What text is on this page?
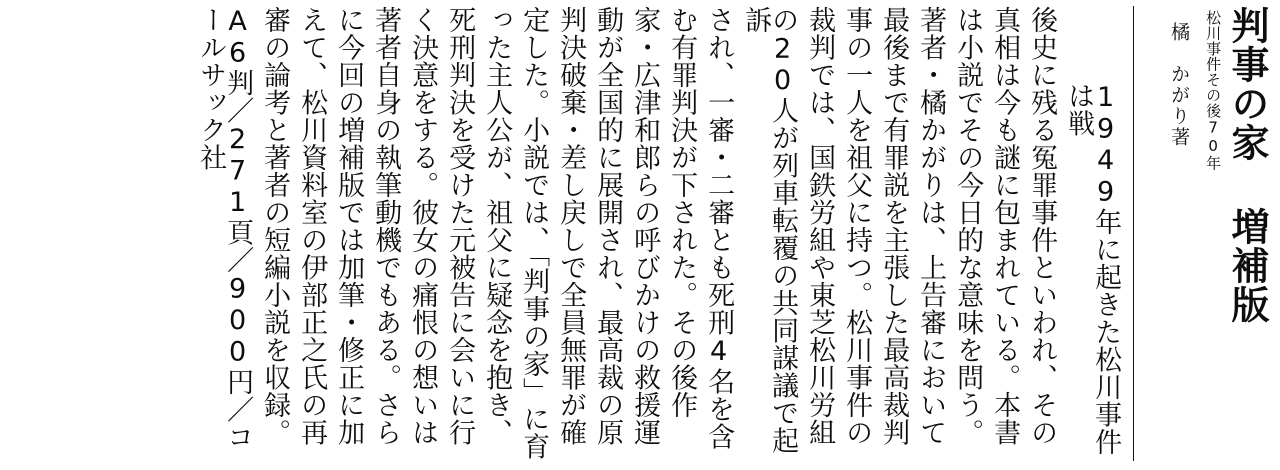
判事の家 増補版
松川事件その後70年
橘　かがり著
1949年に起きた松川事件は戦
後史に残る冤罪事件といわれ、その
真相は今も謎に包まれている。本書
は小説でその今日的な意味を問う。
著者・橘かがりは、上告審において
最後まで有罪説を主張した最高裁判
事の一人を祖父に持つ。松川事件の
裁判では、国鉄労組や東芝松川労組
の20人が列車転覆の共同謀議で起訴
され、一審・二審とも死刑4名を含
む有罪判決が下された。その後作
家・広津和郎らの呼びかけの救援運
動が全国的に展開され、最高裁の原
判決破棄・差し戻しで全員無罪が確
定した。小説では、「判事の家」に育
った主人公が、祖父に疑念を抱き、
死刑判決を受けた元被告に会いに行
く決意をする。彼女の痛恨の想いは
著者自身の執筆動機でもある。さら
に今回の増補版では加筆・修正に加
えて、松川資料室の伊部正之氏の再
審の論考と著者の短編小説を収録。
A6判／271頁／900円／コールサック社
